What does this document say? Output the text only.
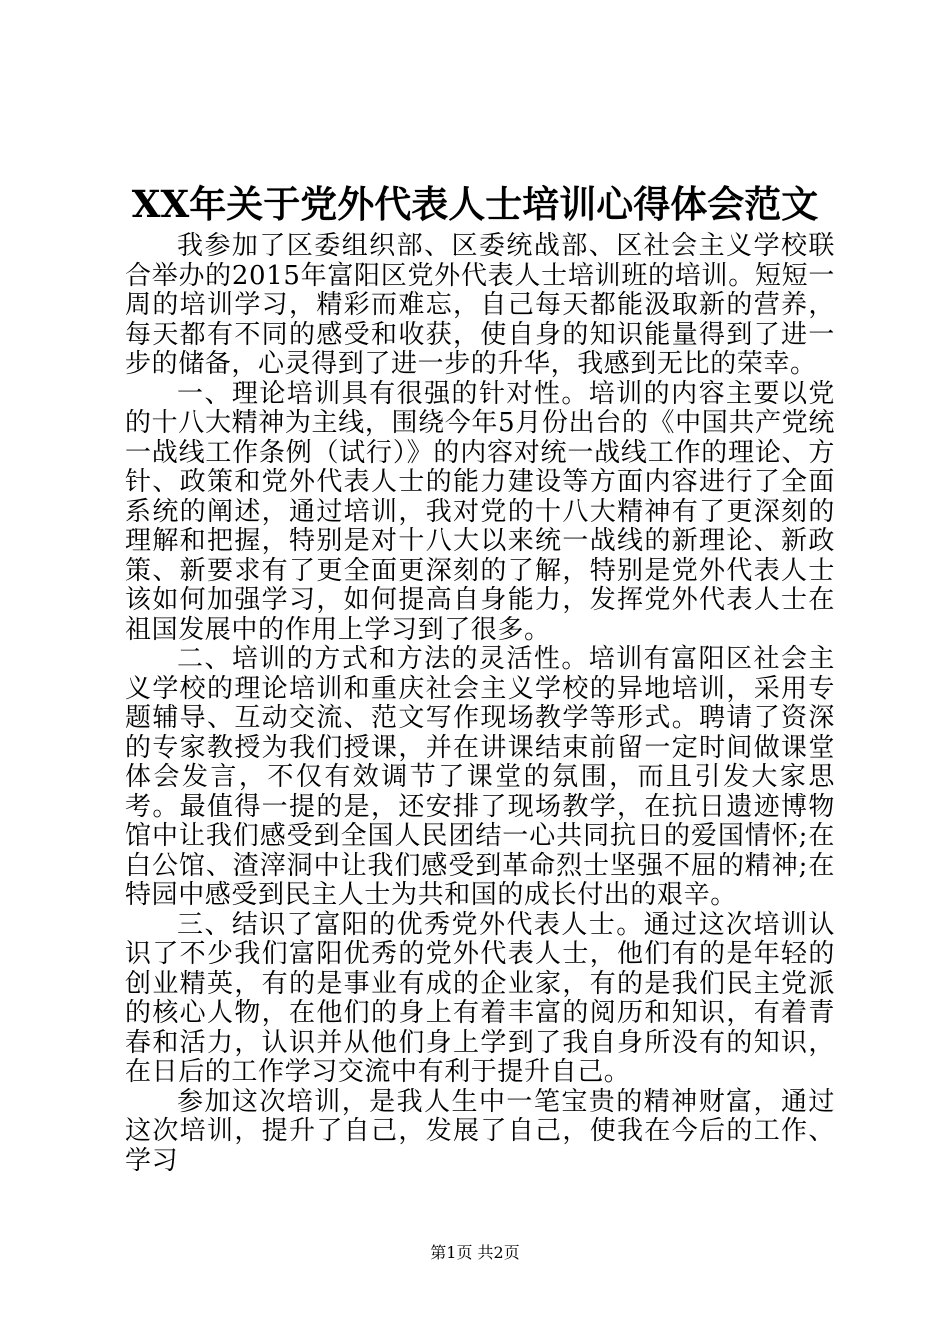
XX年关于党外代表人士培训心得体会范文

我参加了区委组织部、区委统战部、区社会主义学校联合举办的2015年富阳区党外代表人士培训班的培训。短短一周的培训学习，精彩而难忘，自己每天都能汲取新的营养，每天都有不同的感受和收获，使自身的知识能量得到了进一步的储备，心灵得到了进一步的升华，我感到无比的荣幸。

一、理论培训具有很强的针对性。培训的内容主要以党的十八大精神为主线，围绕今年5月份出台的《中国共产党统一战线工作条例（试行）》的内容对统一战线工作的理论、方针、政策和党外代表人士的能力建设等方面内容进行了全面系统的阐述，通过培训，我对党的十八大精神有了更深刻的理解和把握，特别是对十八大以来统一战线的新理论、新政策、新要求有了更全面更深刻的了解，特别是党外代表人士该如何加强学习，如何提高自身能力，发挥党外代表人士在祖国发展中的作用上学习到了很多。

二、培训的方式和方法的灵活性。培训有富阳区社会主义学校的理论培训和重庆社会主义学校的异地培训，采用专题辅导、互动交流、范文写作现场教学等形式。聘请了资深的专家教授为我们授课，并在讲课结束前留一定时间做课堂体会发言，不仅有效调节了课堂的氛围，而且引发大家思考。最值得一提的是，还安排了现场教学，在抗日遗迹博物馆中让我们感受到全国人民团结一心共同抗日的爱国情怀;在白公馆、渣滓洞中让我们感受到革命烈士坚强不屈的精神;在特园中感受到民主人士为共和国的成长付出的艰辛。

三、结识了富阳的优秀党外代表人士。通过这次培训认识了不少我们富阳优秀的党外代表人士，他们有的是年轻的创业精英，有的是事业有成的企业家，有的是我们民主党派的核心人物，在他们的身上有着丰富的阅历和知识，有着青春和活力，认识并从他们身上学到了我自身所没有的知识，在日后的工作学习交流中有利于提升自己。

参加这次培训，是我人生中一笔宝贵的精神财富，通过这次培训，提升了自己，发展了自己，使我在今后的工作、学习

第1页 共2页
